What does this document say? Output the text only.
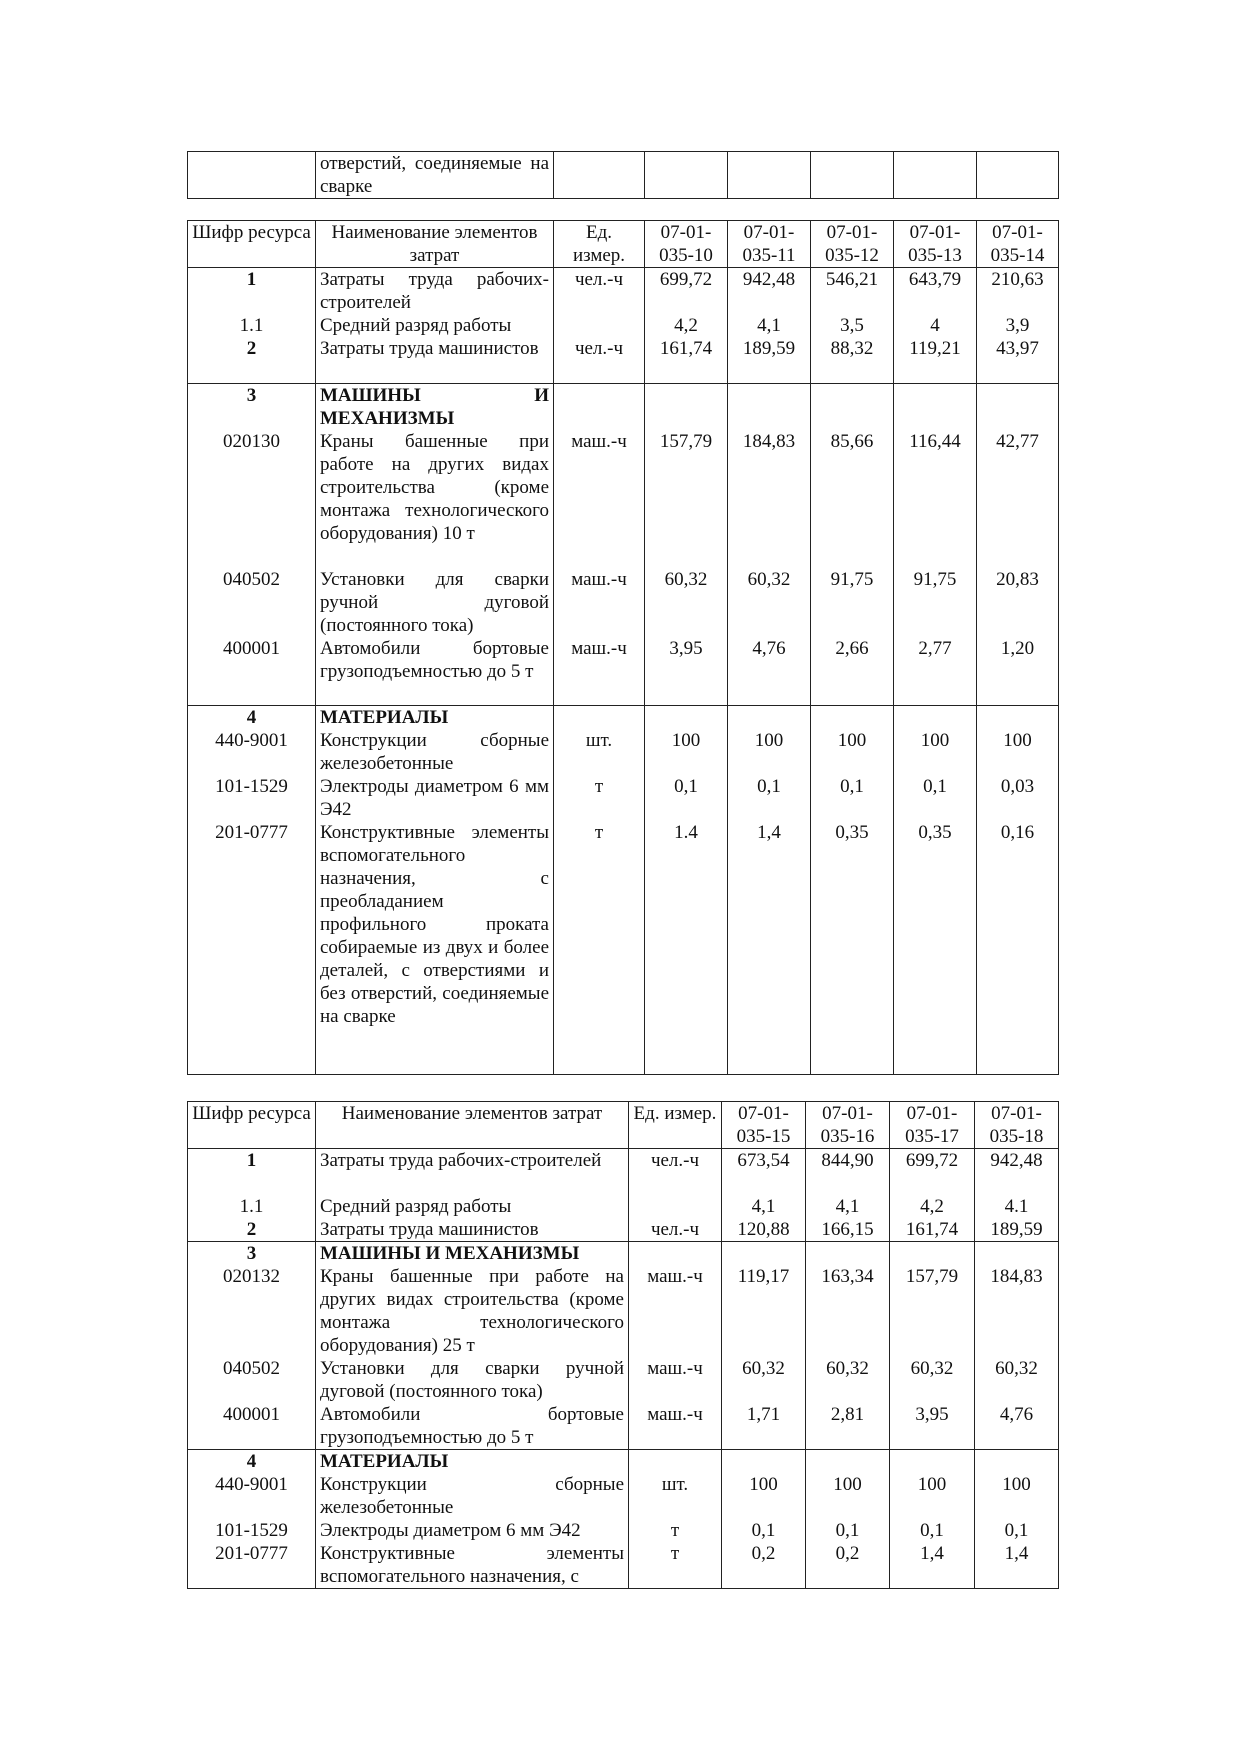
	отверстий, соединяемые на сварке						
Шифр ресурса	Наименование элементов затрат	Ед. измер.	07-01-035-10	07-01-035-11	07-01-035-12	07-01-035-13	07-01-035-14
1	Затраты труда рабочих-строителей	чел.-ч	699,72	942,48	546,21	643,79	210,63
1.1	Средний разряд работы		4,2	4,1	3,5	4	3,9
2	Затраты труда машинистов	чел.-ч	161,74	189,59	88,32	119,21	43,97
3	МАШИНЫ И МЕХАНИЗМЫ						
020130	Краны башенные при работе на других видах строительства (кроме монтажа технологического оборудования) 10 т	маш.-ч	157,79	184,83	85,66	116,44	42,77
040502	Установки для сварки ручной дуговой (постоянного тока)	маш.-ч	60,32	60,32	91,75	91,75	20,83
400001	Автомобили бортовые грузоподъемностью до 5 т	маш.-ч	3,95	4,76	2,66	2,77	1,20
4	МАТЕРИАЛЫ						
440-9001	Конструкции сборные железобетонные	шт.	100	100	100	100	100
101-1529	Электроды диаметром 6 мм Э42	т	0,1	0,1	0,1	0,1	0,03
201-0777	Конструктивные элементы вспомогательного назначения, с преобладанием профильного проката собираемые из двух и более деталей, с отверстиями и без отверстий, соединяемые на сварке	т	1.4	1,4	0,35	0,35	0,16
Шифр ресурса	Наименование элементов затрат	Ед. измер.	07-01-035-15	07-01-035-16	07-01-035-17	07-01-035-18
1	Затраты труда рабочих-строителей	чел.-ч	673,54	844,90	699,72	942,48
1.1	Средний разряд работы		4,1	4,1	4,2	4.1
2	Затраты труда машинистов	чел.-ч	120,88	166,15	161,74	189,59
3	МАШИНЫ И МЕХАНИЗМЫ					
020132	Краны башенные при работе на других видах строительства (кроме монтажа технологического оборудования) 25 т	маш.-ч	119,17	163,34	157,79	184,83
040502	Установки для сварки ручной дуговой (постоянного тока)	маш.-ч	60,32	60,32	60,32	60,32
400001	Автомобили бортовые грузоподъемностью до 5 т	маш.-ч	1,71	2,81	3,95	4,76
4	МАТЕРИАЛЫ					
440-9001	Конструкции сборные железобетонные	шт.	100	100	100	100
101-1529	Электроды диаметром 6 мм Э42	т	0,1	0,1	0,1	0,1
201-0777	Конструктивные элементы вспомогательного назначения, с	т	0,2	0,2	1,4	1,4
